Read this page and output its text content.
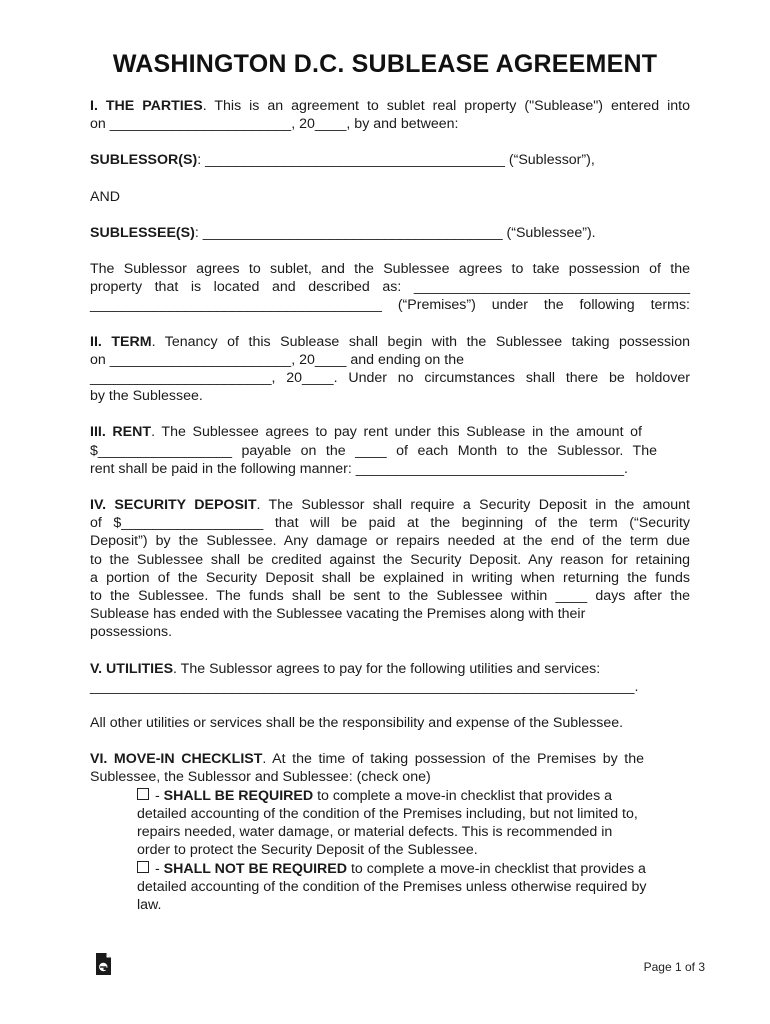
WASHINGTON D.C. SUBLEASE AGREEMENT
I. THE PARTIES. This is an agreement to sublet real property ("Sublease") entered into
on _______________________, 20____, by and between:
SUBLESSOR(S): ______________________________________ (“Sublessor”),
AND
SUBLESSEE(S): ______________________________________ (“Sublessee”).
The Sublessor agrees to sublet, and the Sublessee agrees to take possession of the
property that is located and described as: ___________________________________
_____________________________________ (“Premises”) under the following terms:
II. TERM. Tenancy of this Sublease shall begin with the Sublessee taking possession
on _______________________, 20____ and ending on the
_______________________, 20____. Under no circumstances shall there be holdover
by the Sublessee.
III. RENT. The Sublessee agrees to pay rent under this Sublease in the amount of
$_________________ payable on the ____ of each Month to the Sublessor. The
rent shall be paid in the following manner: __________________________________.
IV. SECURITY DEPOSIT. The Sublessor shall require a Security Deposit in the amount
of $__________________ that will be paid at the beginning of the term (“Security
Deposit”) by the Sublessee. Any damage or repairs needed at the end of the term due
to the Sublessee shall be credited against the Security Deposit. Any reason for retaining
a portion of the Security Deposit shall be explained in writing when returning the funds
to the Sublessee. The funds shall be sent to the Sublessee within ____ days after the
Sublease has ended with the Sublessee vacating the Premises along with their
possessions.
V. UTILITIES. The Sublessor agrees to pay for the following utilities and services:
_____________________________________________________________________.
All other utilities or services shall be the responsibility and expense of the Sublessee.
VI. MOVE-IN CHECKLIST. At the time of taking possession of the Premises by the
Sublessee, the Sublessor and Sublessee: (check one)
- SHALL BE REQUIRED to complete a move-in checklist that provides a
detailed accounting of the condition of the Premises including, but not limited to,
repairs needed, water damage, or material defects. This is recommended in
order to protect the Security Deposit of the Sublessee.
- SHALL NOT BE REQUIRED to complete a move-in checklist that provides a
detailed accounting of the condition of the Premises unless otherwise required by
law.
Page 1 of 3
